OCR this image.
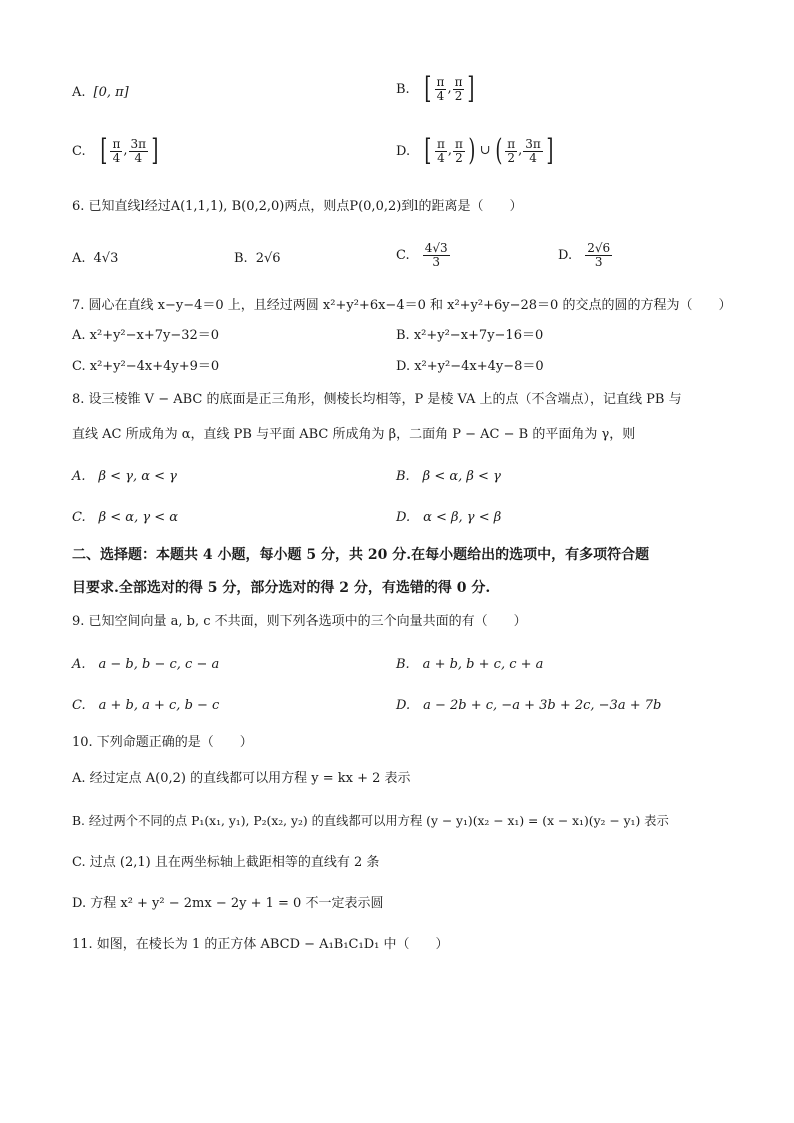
A. [0, π]	B. [ $\frac{\pi}{4}$ , $\frac{\pi}{2}$ ]
C. [ $\frac{\pi}{4}$ , $\frac{3\pi}{4}$ ]	D. [ $\frac{\pi}{4}$ , $\frac{\pi}{2}$ ) ∪ ( $\frac{\pi}{2}$ , $\frac{3\pi}{4}$ ]
6. 已知直线l经过A(1,1,1), B(0,2,0)两点，则点P(0,0,2)到l的距离是（　　）
A. 4√3	B. 2√6	C. $\frac{4√3}{3}$	D. $\frac{2√6}{3}$
7. 圆心在直线 x−y−4＝0 上，且经过两圆 x²+y²+6x−4＝0 和 x²+y²+6y−28＝0 的交点的圆的方程为（　　）
A. x²+y²−x+7y−32＝0	B. x²+y²−x+7y−16＝0
C. x²+y²−4x+4y+9＝0	D. x²+y²−4x+4y−8＝0
8. 设三棱锥 V − ABC 的底面是正三角形，侧棱长均相等，P 是棱 VA 上的点（不含端点），记直线 PB 与
直线 AC 所成角为 α，直线 PB 与平面 ABC 所成角为 β，二面角 P − AC − B 的平面角为 γ，则
A.　β < γ, α < γ	B.　β < α, β < γ
C.　β < α, γ < α	D.　α < β, γ < β
二、选择题：本题共 4 小题，每小题 5 分，共 20 分.在每小题给出的选项中，有多项符合题
目要求.全部选对的得 5 分，部分选对的得 2 分，有选错的得 0 分.
9. 已知空间向量 a, b, c 不共面，则下列各选项中的三个向量共面的有（　　）
A.　a − b, b − c, c − a	B.　a + b, b + c, c + a
C.　a + b, a + c, b − c	D.　a − 2b + c, −a + 3b + 2c, −3a + 7b
10. 下列命题正确的是（　　）
A. 经过定点 A(0,2) 的直线都可以用方程 y = kx + 2 表示
B. 经过两个不同的点 P₁(x₁, y₁), P₂(x₂, y₂) 的直线都可以用方程 (y − y₁)(x₂ − x₁) = (x − x₁)(y₂ − y₁) 表示
C. 过点 (2,1) 且在两坐标轴上截距相等的直线有 2 条
D. 方程 x² + y² − 2mx − 2y + 1 = 0 不一定表示圆
11. 如图，在棱长为 1 的正方体 ABCD − A₁B₁C₁D₁ 中（　　）
